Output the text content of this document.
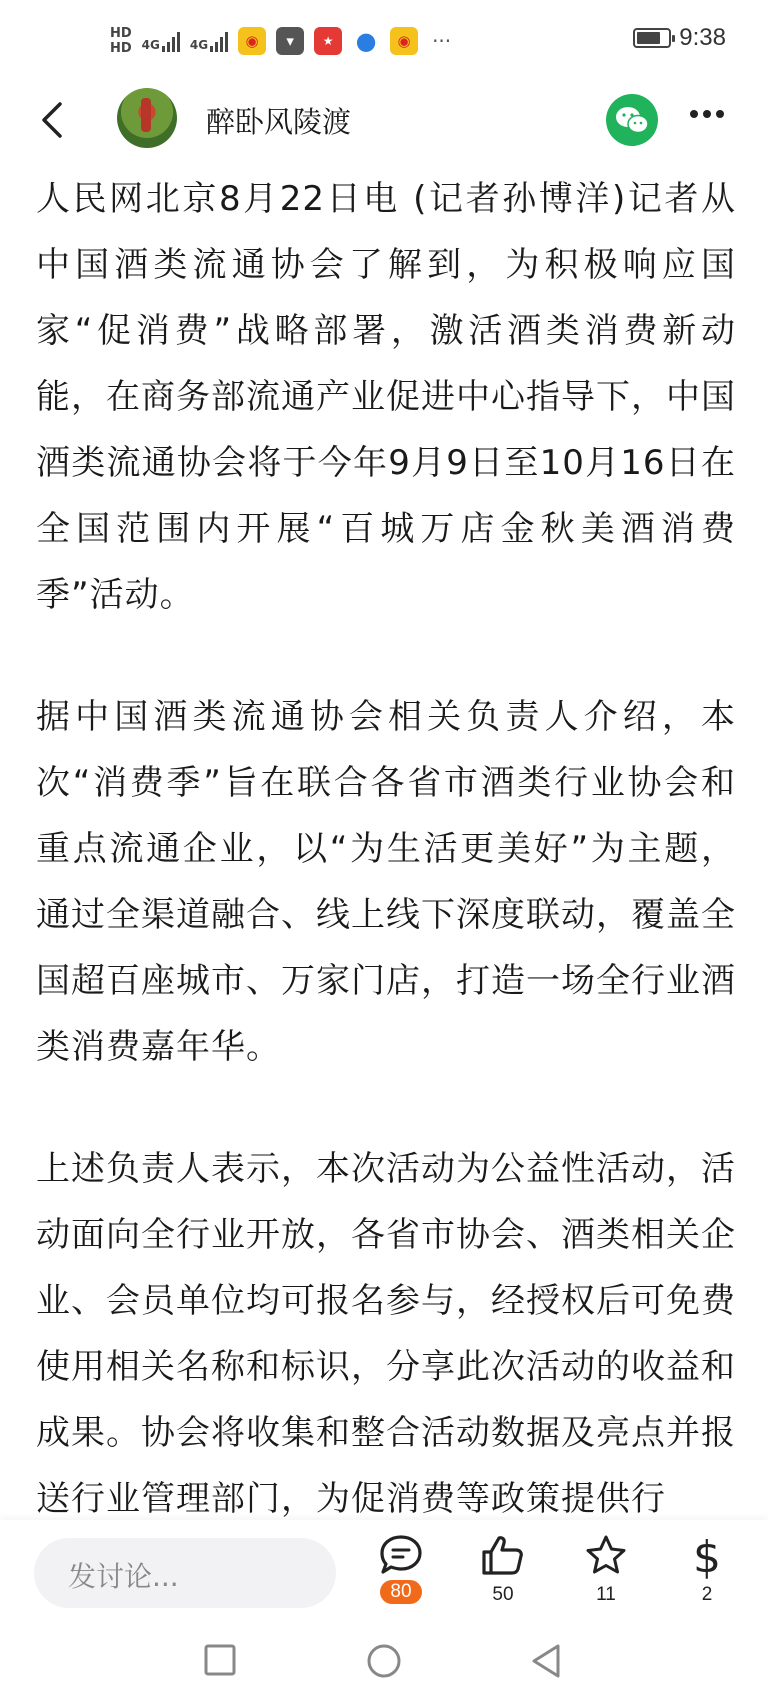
HD
HD 4G	4G	◉	▾	★ ●	◉	···	9:38
醉卧风陵渡

人民网北京8月22日电 (记者孙博洋)记者从中国酒类流通协会了解到，为积极响应国家“促消费”战略部署，激活酒类消费新动能，在商务部流通产业促进中心指导下，中国酒类流通协会将于今年9月9日至10月16日在全国范围内开展“百城万店金秋美酒消费季”活动。

据中国酒类流通协会相关负责人介绍，本次“消费季”旨在联合各省市酒类行业协会和重点流通企业，以“为生活更美好”为主题，通过全渠道融合、线上线下深度联动，覆盖全国超百座城市、万家门店，打造一场全行业酒类消费嘉年华。

上述负责人表示，本次活动为公益性活动，活动面向全行业开放，各省市协会、酒类相关企业、会员单位均可报名参与，经授权后可免费使用相关名称和标识，分享此次活动的收益和成果。协会将收集和整合活动数据及亮点并报送行业管理部门，为促消费等政策提供行

发讨论...	80	50	11
$
2
